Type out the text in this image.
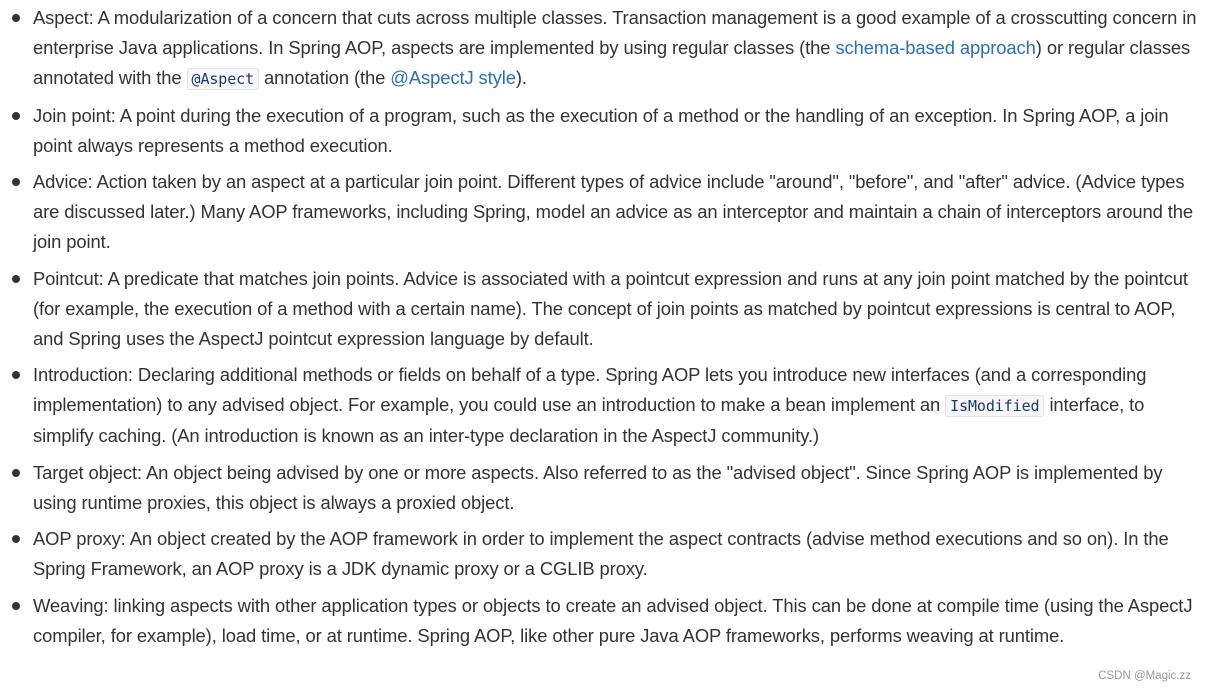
Aspect: A modularization of a concern that cuts across multiple classes. Transaction management is a good example of a crosscutting concern in enterprise Java applications. In Spring AOP, aspects are implemented by using regular classes (the schema-based approach) or regular classes annotated with the @Aspect annotation (the @AspectJ style).
Join point: A point during the execution of a program, such as the execution of a method or the handling of an exception. In Spring AOP, a join point always represents a method execution.
Advice: Action taken by an aspect at a particular join point. Different types of advice include "around", "before", and "after" advice. (Advice types are discussed later.) Many AOP frameworks, including Spring, model an advice as an interceptor and maintain a chain of interceptors around the join point.
Pointcut: A predicate that matches join points. Advice is associated with a pointcut expression and runs at any join point matched by the pointcut (for example, the execution of a method with a certain name). The concept of join points as matched by pointcut expressions is central to AOP, and Spring uses the AspectJ pointcut expression language by default.
Introduction: Declaring additional methods or fields on behalf of a type. Spring AOP lets you introduce new interfaces (and a corresponding implementation) to any advised object. For example, you could use an introduction to make a bean implement an IsModified interface, to simplify caching. (An introduction is known as an inter-type declaration in the AspectJ community.)
Target object: An object being advised by one or more aspects. Also referred to as the "advised object". Since Spring AOP is implemented by using runtime proxies, this object is always a proxied object.
AOP proxy: An object created by the AOP framework in order to implement the aspect contracts (advise method executions and so on). In the Spring Framework, an AOP proxy is a JDK dynamic proxy or a CGLIB proxy.
Weaving: linking aspects with other application types or objects to create an advised object. This can be done at compile time (using the AspectJ compiler, for example), load time, or at runtime. Spring AOP, like other pure Java AOP frameworks, performs weaving at runtime.
CSDN @Magic.zz
